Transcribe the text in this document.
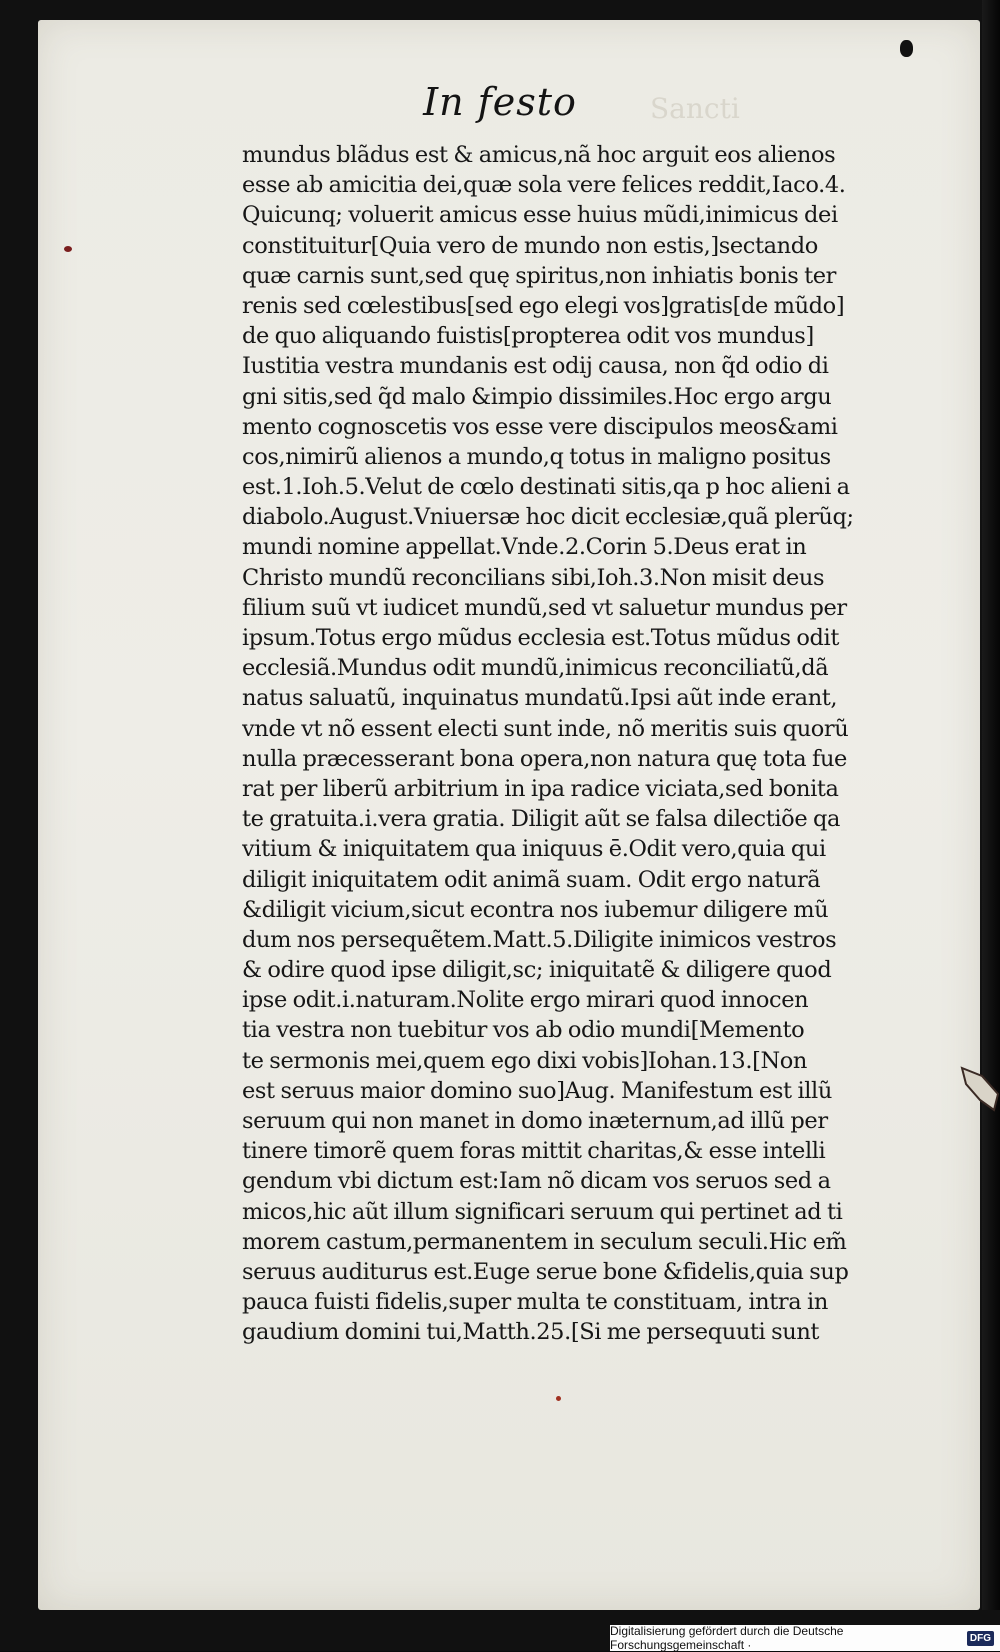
Sancti
In festo
mundus blãdus est & amicus,nã hoc arguit eos alienos
esse ab amicitia dei,quæ sola vere felices reddit,Iaco.4.
Quicunq; voluerit amicus esse huius mũdi,inimicus dei
constituitur[Quia vero de mundo non estis,]sectando
quæ carnis sunt,sed quę spiritus,non inhiatis bonis ter
renis sed cœlestibus[sed ego elegi vos]gratis[de mũdo]
de quo aliquando fuistis[propterea odit vos mundus]
Iustitia vestra mundanis est odij causa, non q̃d odio di
gni sitis,sed q̃d malo &impio dissimiles.Hoc ergo argu
mento cognoscetis vos esse vere discipulos meos&ami
cos,nimirũ alienos a mundo,q totus in maligno positus
est.1.Ioh.5.Velut de cœlo destinati sitis,qa p hoc alieni a
diabolo.August.Vniuersæ hoc dicit ecclesiæ,quã plerũq;
mundi nomine appellat.Vnde.2.Corin 5.Deus erat in
Christo mundũ reconcilians sibi,Ioh.3.Non misit deus
filium suũ vt iudicet mundũ,sed vt saluetur mundus per
ipsum.Totus ergo mũdus ecclesia est.Totus mũdus odit
ecclesiã.Mundus odit mundũ,inimicus reconciliatũ,dã
natus saluatũ, inquinatus mundatũ.Ipsi aũt inde erant,
vnde vt nõ essent electi sunt inde, nõ meritis suis quorũ
nulla præcesserant bona opera,non natura quę tota fue
rat per liberũ arbitrium in ipa radice viciata,sed bonita
te gratuita.i.vera gratia. Diligit aũt se falsa dilectiõe qa
vitium & iniquitatem qua iniquus ē.Odit vero,quia qui
diligit iniquitatem odit animã suam. Odit ergo naturã
&diligit vicium,sicut econtra nos iubemur diligere mũ
dum nos persequẽtem.Matt.5.Diligite inimicos vestros
& odire quod ipse diligit,sc; iniquitatẽ & diligere quod
ipse odit.i.naturam.Nolite ergo mirari quod innocen
tia vestra non tuebitur vos ab odio mundi[Memento
te sermonis mei,quem ego dixi vobis]Iohan.13.[Non
est seruus maior domino suo]Aug. Manifestum est illũ
seruum qui non manet in domo inæternum,ad illũ per
tinere timorẽ quem foras mittit charitas,& esse intelli
gendum vbi dictum est:Iam nõ dicam vos seruos sed a
micos,hic aũt illum significari seruum qui pertinet ad ti
morem castum,permanentem in seculum seculi.Hic em̃
seruus auditurus est.Euge serue bone &fidelis,quia sup
pauca fuisti fidelis,super multa te constituam, intra in
gaudium domini tui,Matth.25.[Si me persequuti sunt
Digitalisierung gefördert durch die Deutsche Forschungsgemeinschaft ·	DFG
